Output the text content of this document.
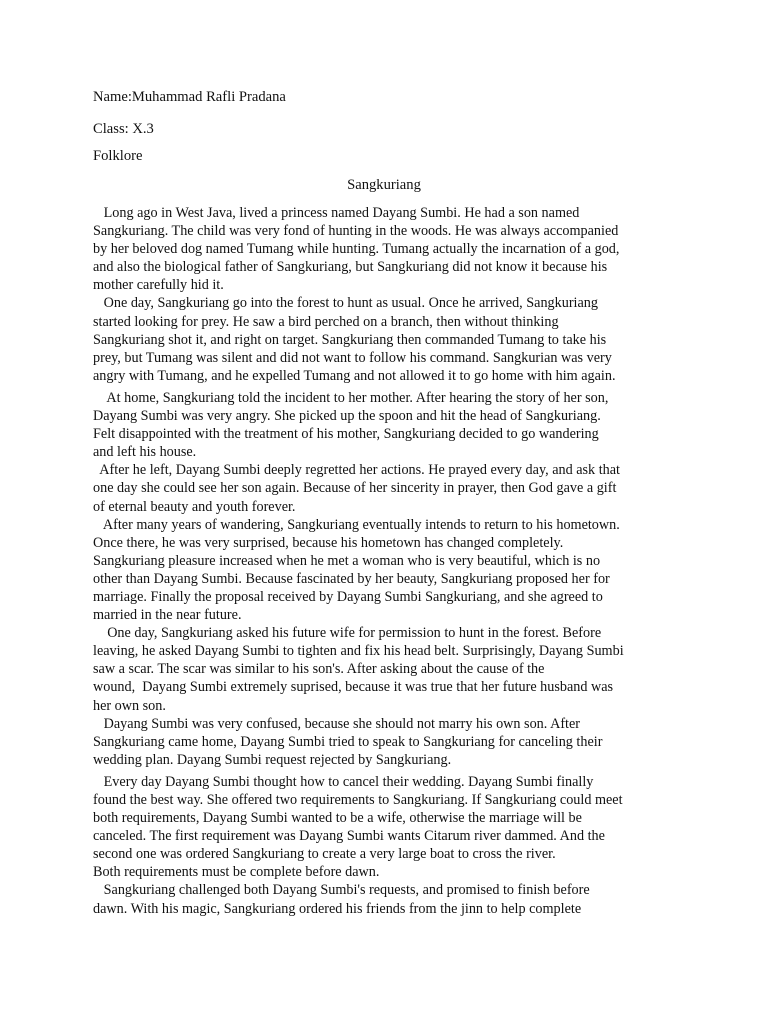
Name:Muhammad Rafli Pradana

Class: X.3

Folklore

Sangkuriang

Long ago in West Java, lived a princess named Dayang Sumbi. He had a son named
Sangkuriang. The child was very fond of hunting in the woods. He was always accompanied
by her beloved dog named Tumang while hunting. Tumang actually the incarnation of a god,
and also the biological father of Sangkuriang, but Sangkuriang did not know it because his
mother carefully hid it.
One day, Sangkuriang go into the forest to hunt as usual. Once he arrived, Sangkuriang
started looking for prey. He saw a bird perched on a branch, then without thinking
Sangkuriang shot it, and right on target. Sangkuriang then commanded Tumang to take his
prey, but Tumang was silent and did not want to follow his command. Sangkurian was very
angry with Tumang, and he expelled Tumang and not allowed it to go home with him again.
At home, Sangkuriang told the incident to her mother. After hearing the story of her son,
Dayang Sumbi was very angry. She picked up the spoon and hit the head of Sangkuriang.
Felt disappointed with the treatment of his mother, Sangkuriang decided to go wandering
and left his house.
After he left, Dayang Sumbi deeply regretted her actions. He prayed every day, and ask that
one day she could see her son again. Because of her sincerity in prayer, then God gave a gift
of eternal beauty and youth forever.
After many years of wandering, Sangkuriang eventually intends to return to his hometown.
Once there, he was very surprised, because his hometown has changed completely.
Sangkuriang pleasure increased when he met a woman who is very beautiful, which is no
other than Dayang Sumbi. Because fascinated by her beauty, Sangkuriang proposed her for
marriage. Finally the proposal received by Dayang Sumbi Sangkuriang, and she agreed to
married in the near future.
One day, Sangkuriang asked his future wife for permission to hunt in the forest. Before
leaving, he asked Dayang Sumbi to tighten and fix his head belt. Surprisingly, Dayang Sumbi
saw a scar. The scar was similar to his son's. After asking about the cause of the
wound,  Dayang Sumbi extremely suprised, because it was true that her future husband was
her own son.
Dayang Sumbi was very confused, because she should not marry his own son. After
Sangkuriang came home, Dayang Sumbi tried to speak to Sangkuriang for canceling their
wedding plan. Dayang Sumbi request rejected by Sangkuriang.
Every day Dayang Sumbi thought how to cancel their wedding. Dayang Sumbi finally
found the best way. She offered two requirements to Sangkuriang. If Sangkuriang could meet
both requirements, Dayang Sumbi wanted to be a wife, otherwise the marriage will be
canceled. The first requirement was Dayang Sumbi wants Citarum river dammed. And the
second one was ordered Sangkuriang to create a very large boat to cross the river.
Both requirements must be complete before dawn.
Sangkuriang challenged both Dayang Sumbi's requests, and promised to finish before
dawn. With his magic, Sangkuriang ordered his friends from the jinn to help complete
